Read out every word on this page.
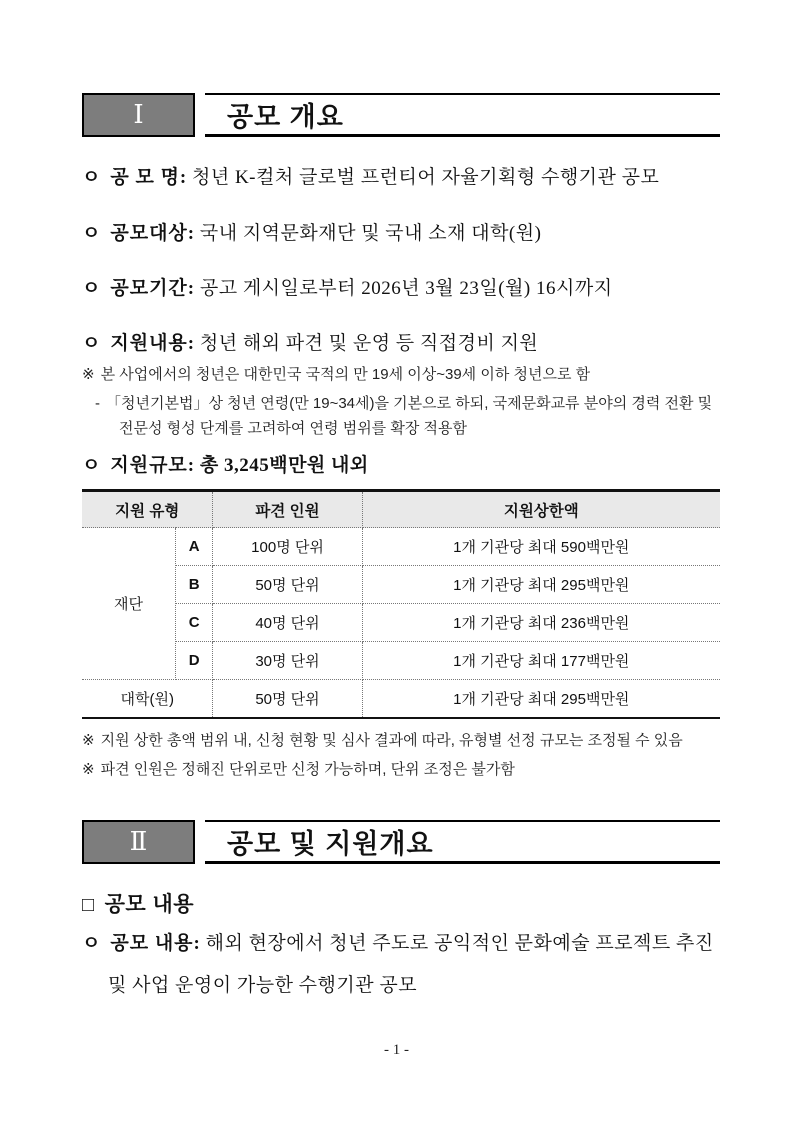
Ⅰ	공모 개요
ㅇ 공 모 명: 청년 K-컬처 글로벌 프런티어 자율기획형 수행기관 공모
ㅇ 공모대상: 국내 지역문화재단 및 국내 소재 대학(원)
ㅇ 공모기간: 공고 게시일로부터 2026년 3월 23일(월) 16시까지
ㅇ 지원내용: 청년 해외 파견 및 운영 등 직접경비 지원
※ 본 사업에서의 청년은 대한민국 국적의 만 19세 이상~39세 이하 청년으로 함
- 「청년기본법」상 청년 연령(만 19~34세)을 기본으로 하되, 국제문화교류 분야의 경력 전환 및 전문성 형성 단계를 고려하여 연령 범위를 확장 적용함
ㅇ 지원규모: 총 3,245백만원 내외
지원 유형		파견 인원	지원상한액
재단	A	100명 단위	1개 기관당 최대 590백만원
	B	50명 단위	1개 기관당 최대 295백만원
	C	40명 단위	1개 기관당 최대 236백만원
	D	30명 단위	1개 기관당 최대 177백만원
대학(원)		50명 단위	1개 기관당 최대 295백만원
※ 지원 상한 총액 범위 내, 신청 현황 및 심사 결과에 따라, 유형별 선정 규모는 조정될 수 있음
※ 파견 인원은 정해진 단위로만 신청 가능하며, 단위 조정은 불가함
Ⅱ	공모 및 지원개요
□ 공모 내용
ㅇ 공모 내용: 해외 현장에서 청년 주도로 공익적인 문화예술 프로젝트 추진 및 사업 운영이 가능한 수행기관 공모
- 1 -
